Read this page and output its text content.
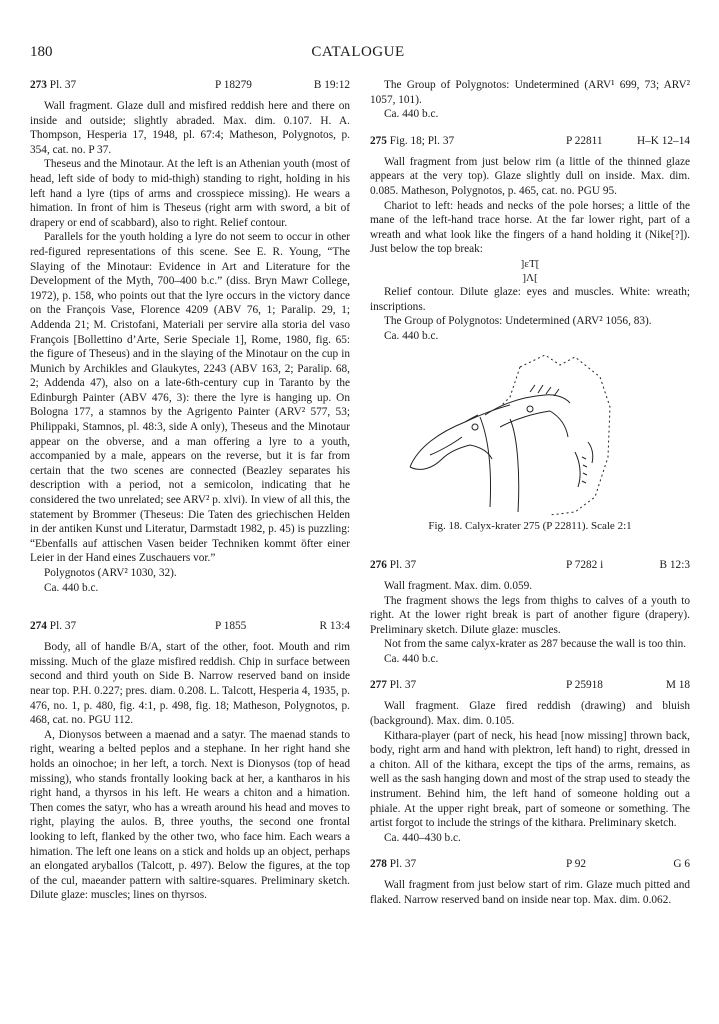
180	CATALOGUE
273 Pl. 37	P 18279	B 19:12

Wall fragment. Glaze dull and misfired reddish here and there on inside and outside; slightly abraded. Max. dim. 0.107. H. A. Thompson, Hesperia 17, 1948, pl. 67:4; Matheson, Polygnotos, p. 354, cat. no. P 37.

Theseus and the Minotaur. At the left is an Athenian youth (most of head, left side of body to mid-thigh) standing to right, holding in his left hand a lyre (tips of arms and crosspiece missing). He wears a himation. In front of him is Theseus (right arm with sword, a bit of drapery or end of scabbard), also to right. Relief contour.

Parallels for the youth holding a lyre do not seem to occur in other red-figured representations of this scene. See E. R. Young, “The Slaying of the Minotaur: Evidence in Art and Literature for the Development of the Myth, 700–400 b.c.” (diss. Bryn Mawr College, 1972), p. 158, who points out that the lyre occurs in the victory dance on the François Vase, Florence 4209 (ABV 76, 1; Paralip. 29, 1; Addenda 21; M. Cristofani, Materiali per servire alla storia del vaso François [Bollettino d’Arte, Serie Speciale 1], Rome, 1980, fig. 65: the figure of Theseus) and in the slaying of the Minotaur on the cup in Munich by Archikles and Glaukytes, 2243 (ABV 163, 2; Paralip. 68, 2; Addenda 47), also on a late-6th-century cup in Taranto by the Edinburgh Painter (ABV 476, 3): there the lyre is hanging up. On Bologna 177, a stamnos by the Agrigento Painter (ARV² 577, 53; Philippaki, Stamnos, pl. 48:3, side A only), Theseus and the Minotaur appear on the obverse, and a man offering a lyre to a youth, accompanied by a male, appears on the reverse, but it is far from certain that the two scenes are connected (Beazley separates his description with a period, not a semicolon, indicating that he considered the two unrelated; see ARV² p. xlvi). In view of all this, the statement by Brommer (Theseus: Die Taten des griechischen Helden in der antiken Kunst und Literatur, Darmstadt 1982, p. 45) is puzzling: “Ebenfalls auf attischen Vasen beider Techniken kommt öfter einer Leier in der Hand eines Zuschauers vor.”

Polygnotos (ARV² 1030, 32).

Ca. 440 b.c.

274 Pl. 37	P 1855	R 13:4

Body, all of handle B/A, start of the other, foot. Mouth and rim missing. Much of the glaze misfired reddish. Chip in surface between second and third youth on Side B. Narrow reserved band on inside near top. P.H. 0.227; pres. diam. 0.208. L. Talcott, Hesperia 4, 1935, p. 476, no. 1, p. 480, fig. 4:1, p. 498, fig. 18; Matheson, Polygnotos, p. 468, cat. no. PGU 112.

A, Dionysos between a maenad and a satyr. The maenad stands to right, wearing a belted peplos and a stephane. In her right hand she holds an oinochoe; in her left, a torch. Next is Dionysos (top of head missing), who stands frontally looking back at her, a kantharos in his right hand, a thyrsos in his left. He wears a chiton and a himation. Then comes the satyr, who has a wreath around his head and moves to right, playing the aulos. B, three youths, the second one frontal looking to left, flanked by the other two, who face him. Each wears a himation. The left one leans on a stick and holds up an object, perhaps an elongated aryballos (Talcott, p. 497). Below the figures, at the top of the cul, maeander pattern with saltire-squares. Preliminary sketch. Dilute glaze: muscles; lines on thyrsos.

The Group of Polygnotos: Undetermined (ARV¹ 699, 73; ARV² 1057, 101).

Ca. 440 b.c.

275 Fig. 18; Pl. 37	P 22811	H–K 12–14

Wall fragment from just below rim (a little of the thinned glaze appears at the very top). Glaze slightly dull on inside. Max. dim. 0.085. Matheson, Polygnotos, p. 465, cat. no. PGU 95.

Chariot to left: heads and necks of the pole horses; a little of the mane of the left-hand trace horse. At the far lower right, part of a wreath and what look like the fingers of a hand holding it (Nike[?]). Just below the top break:

]εΤ[
]Λ[

Relief contour. Dilute glaze: eyes and muscles. White: wreath; inscriptions.

The Group of Polygnotos: Undetermined (ARV² 1056, 83).

Ca. 440 b.c.

Fig. 18. Calyx-krater 275 (P 22811). Scale 2:1
276 Pl. 37	P 7282 i	B 12:3

Wall fragment. Max. dim. 0.059.

The fragment shows the legs from thighs to calves of a youth to right. At the lower right break is part of another figure (drapery). Preliminary sketch. Dilute glaze: muscles.

Not from the same calyx-krater as 287 because the wall is too thin.

Ca. 440 b.c.

277 Pl. 37	P 25918	M 18

Wall fragment. Glaze fired reddish (drawing) and bluish (background). Max. dim. 0.105.

Kithara-player (part of neck, his head [now missing] thrown back, body, right arm and hand with plektron, left hand) to right, dressed in a chiton. All of the kithara, except the tips of the arms, remains, as well as the sash hanging down and most of the strap used to steady the instrument. Behind him, the left hand of someone holding out a phiale. At the upper right break, part of someone or something. The artist forgot to include the strings of the kithara. Preliminary sketch.

Ca. 440–430 b.c.

278 Pl. 37	P 92	G 6

Wall fragment from just below start of rim. Glaze much pitted and flaked. Narrow reserved band on inside near top. Max. dim. 0.062.
